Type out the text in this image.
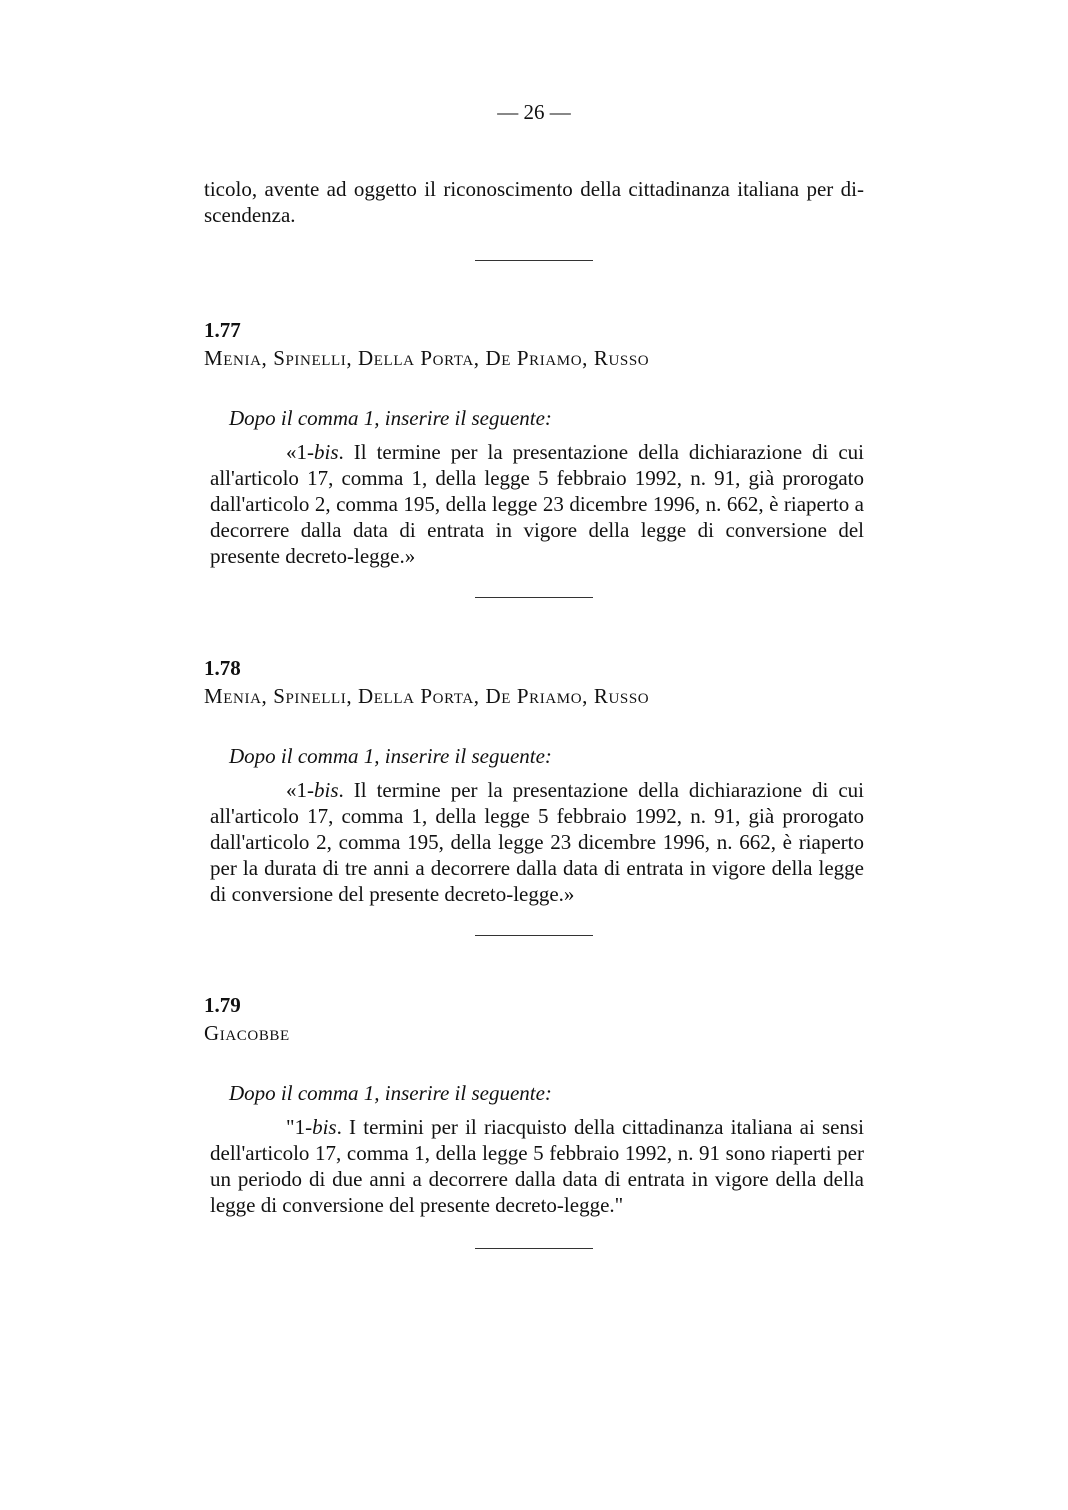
— 26 —
ticolo, avente ad oggetto il riconoscimento della cittadinanza italiana per di-
scendenza.
1.77
Menia, Spinelli, Della Porta, De Priamo, Russo
Dopo il comma 1, inserire il seguente:
«1-bis. Il termine per la presentazione della dichiarazione di cui all'articolo 17, comma 1, della legge 5 febbraio 1992, n. 91, già prorogato dall'articolo 2, comma 195, della legge 23 dicembre 1996, n. 662, è riaperto a decorrere dalla data di entrata in vigore della legge di conversione del presente decreto-legge.»
1.78
Menia, Spinelli, Della Porta, De Priamo, Russo
Dopo il comma 1, inserire il seguente:
«1-bis. Il termine per la presentazione della dichiarazione di cui all'articolo 17, comma 1, della legge 5 febbraio 1992, n. 91, già prorogato dall'articolo 2, comma 195, della legge 23 dicembre 1996, n. 662, è riaperto per la durata di tre anni a decorrere dalla data di entrata in vigore della legge di conversione del presente decreto-legge.»
1.79
Giacobbe
Dopo il comma 1, inserire il seguente:
"1-bis. I termini per il riacquisto della cittadinanza italiana ai sensi dell'articolo 17, comma 1, della legge 5 febbraio 1992, n. 91 sono riaperti per un periodo di due anni a decorrere dalla data di entrata in vigore della della legge di conversione del presente decreto-legge."
